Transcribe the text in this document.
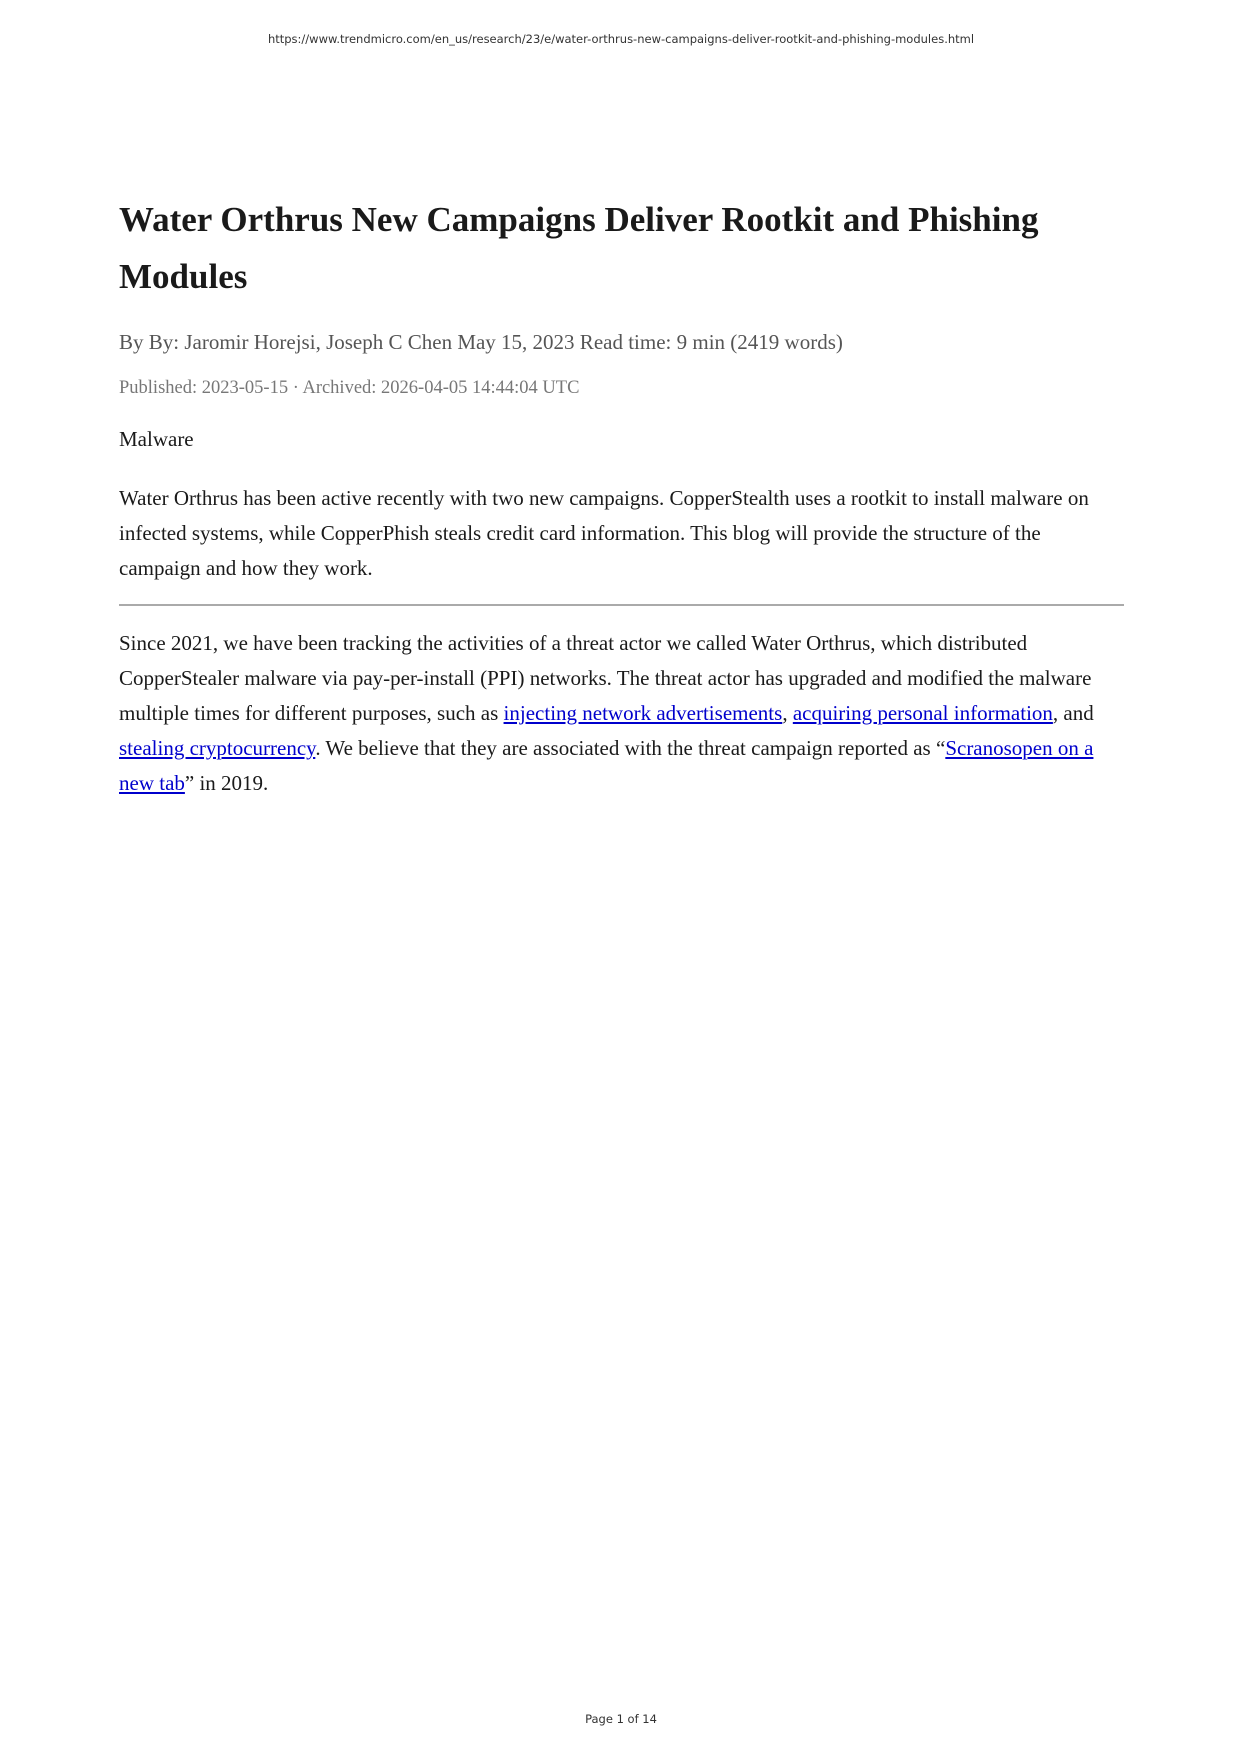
https://www.trendmicro.com/en_us/research/23/e/water-orthrus-new-campaigns-deliver-rootkit-and-phishing-modules.html
Water Orthrus New Campaigns Deliver Rootkit and Phishing Modules
By By: Jaromir Horejsi, Joseph C Chen May 15, 2023 Read time: 9 min (2419 words)
Published: 2023-05-15 · Archived: 2026-04-05 14:44:04 UTC
Malware
Water Orthrus has been active recently with two new campaigns. CopperStealth uses a rootkit to install malware on infected systems, while CopperPhish steals credit card information. This blog will provide the structure of the campaign and how they work.
Since 2021, we have been tracking the activities of a threat actor we called Water Orthrus, which distributed CopperStealer malware via pay-per-install (PPI) networks. The threat actor has upgraded and modified the malware multiple times for different purposes, such as injecting network advertisements, acquiring personal information, and stealing cryptocurrency. We believe that they are associated with the threat campaign reported as “Scranosopen on a new tab” in 2019.
Page 1 of 14
